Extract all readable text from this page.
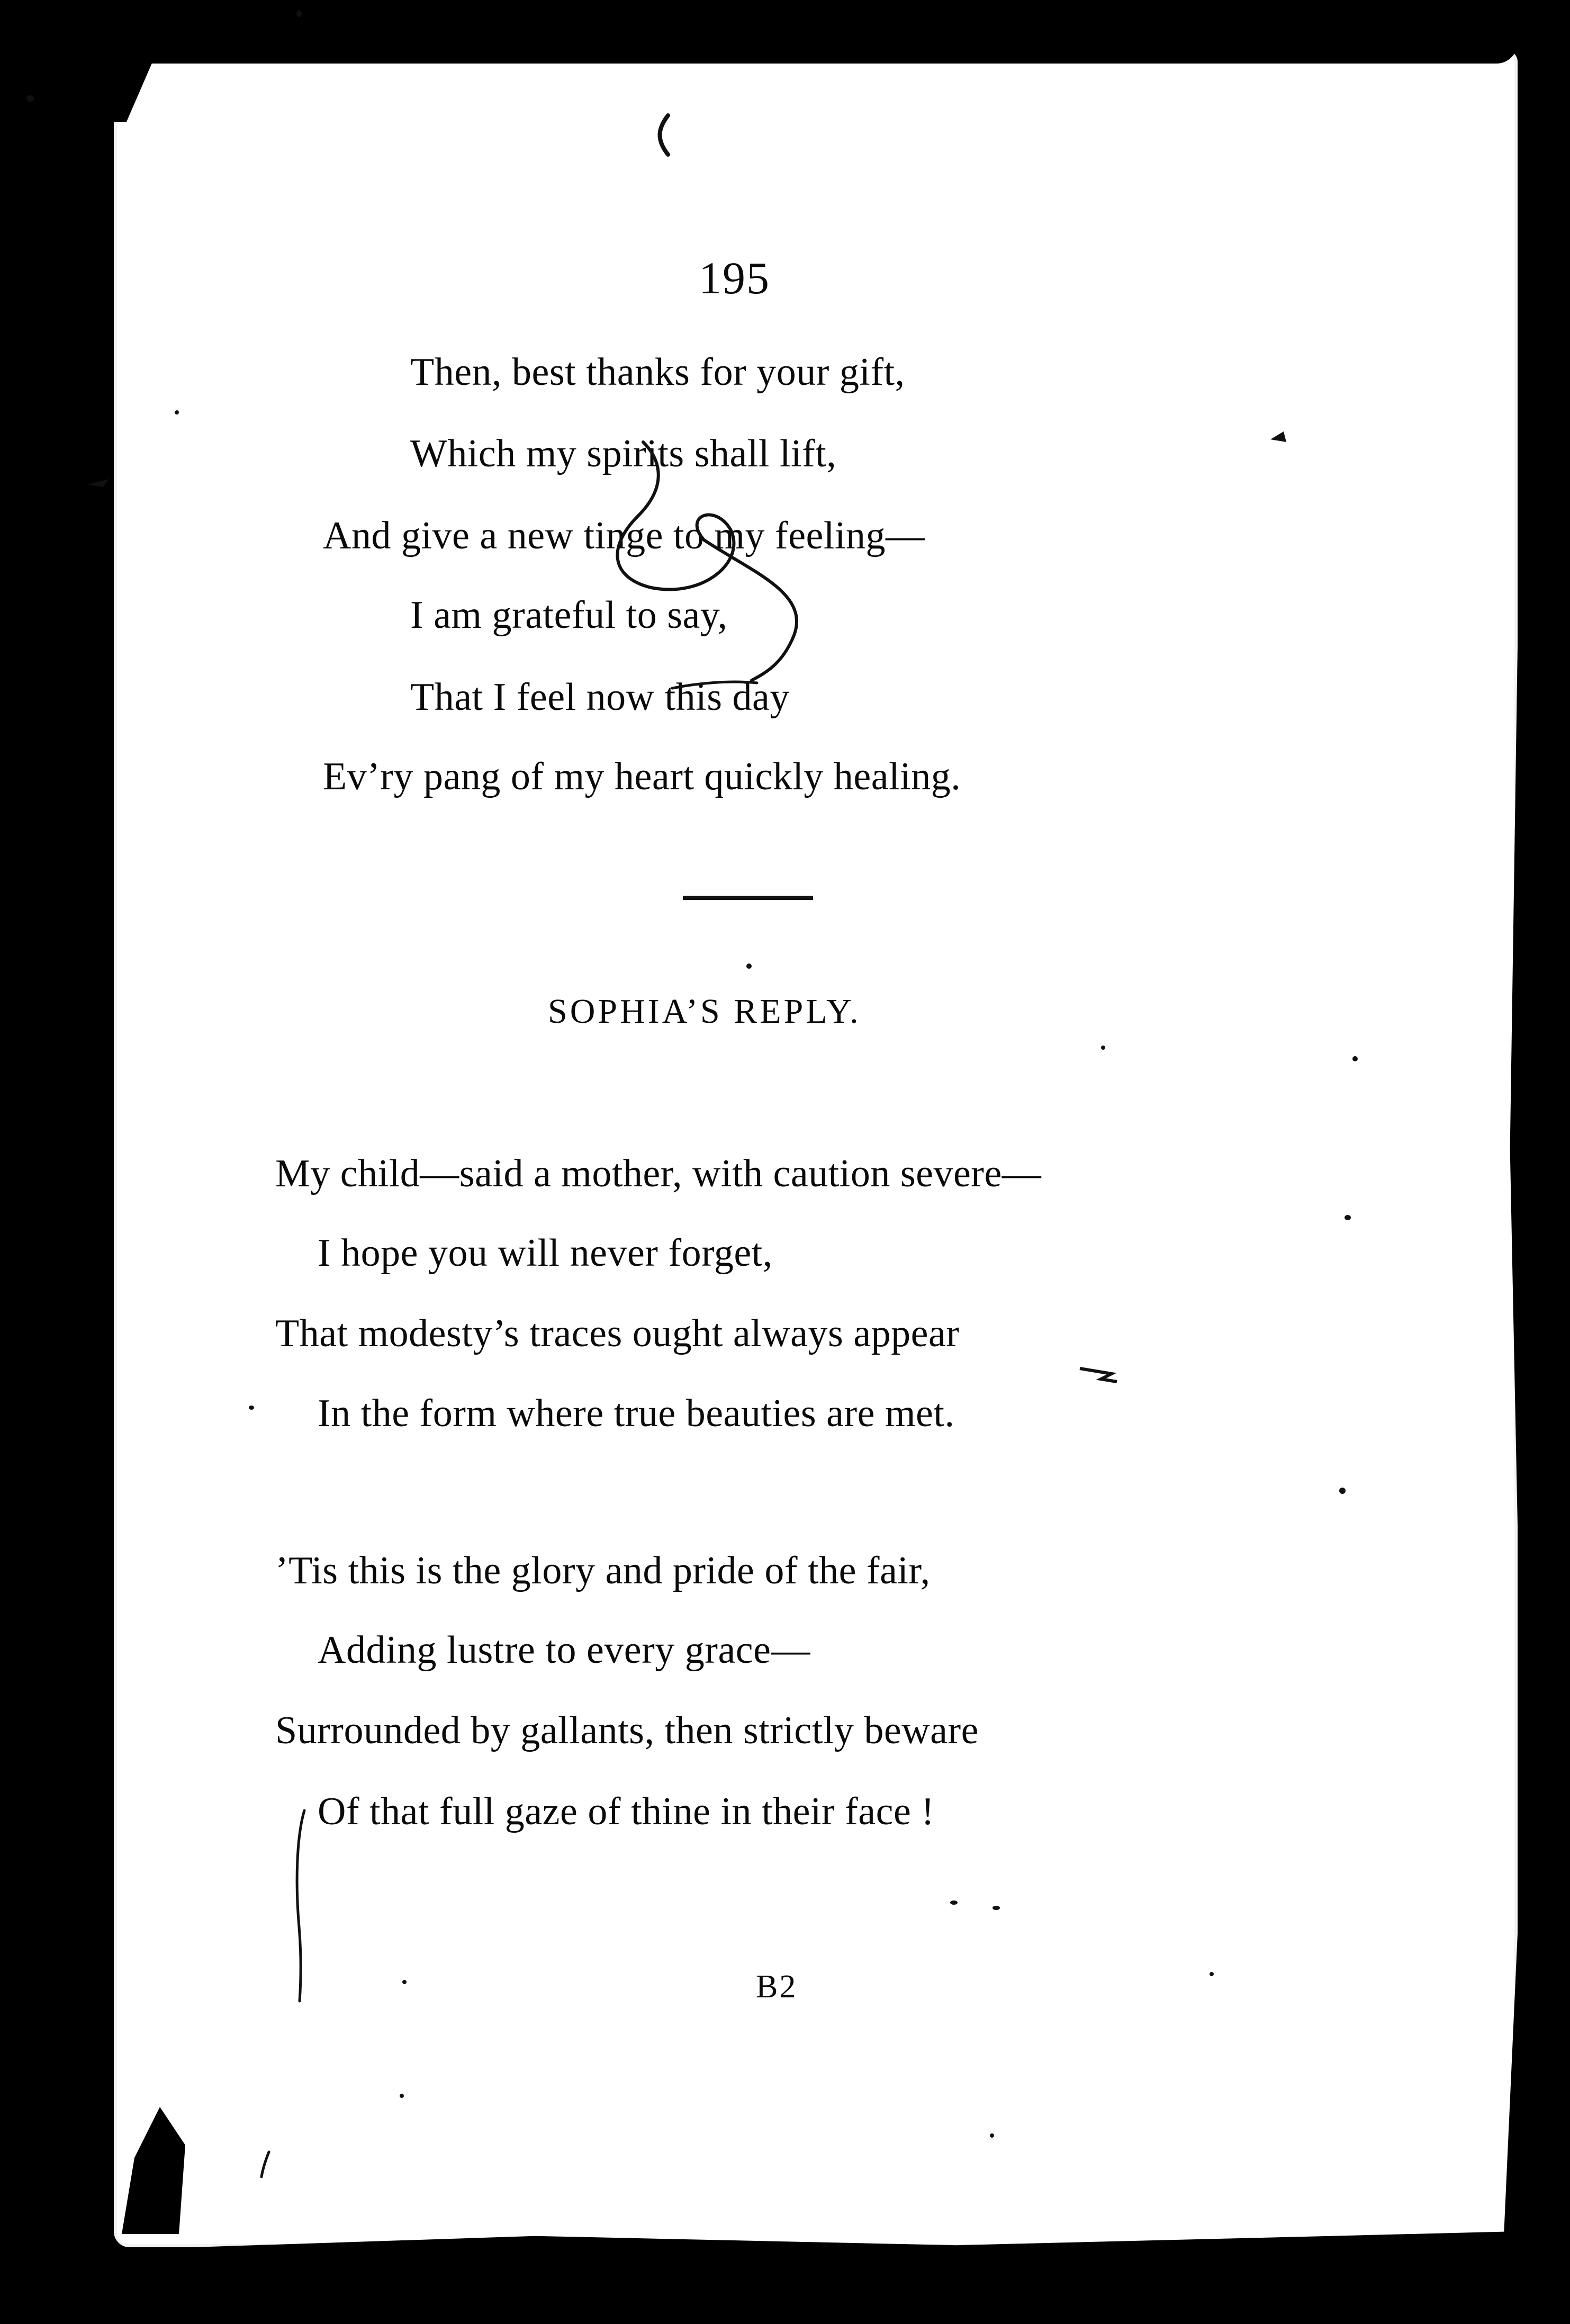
195
Then, best thanks for your gift,
Which my spirits shall lift,
And give a new tinge to my feeling—
I am grateful to say,
That I feel now this day
Ev’ry pang of my heart quickly healing.
SOPHIA’S REPLY.
My child—said a mother, with caution severe—
I hope you will never forget,
That modesty’s traces ought always appear
In the form where true beauties are met.
’Tis this is the glory and pride of the fair,
Adding lustre to every grace—
Surrounded by gallants, then strictly beware
Of that full gaze of thine in their face !
B2
